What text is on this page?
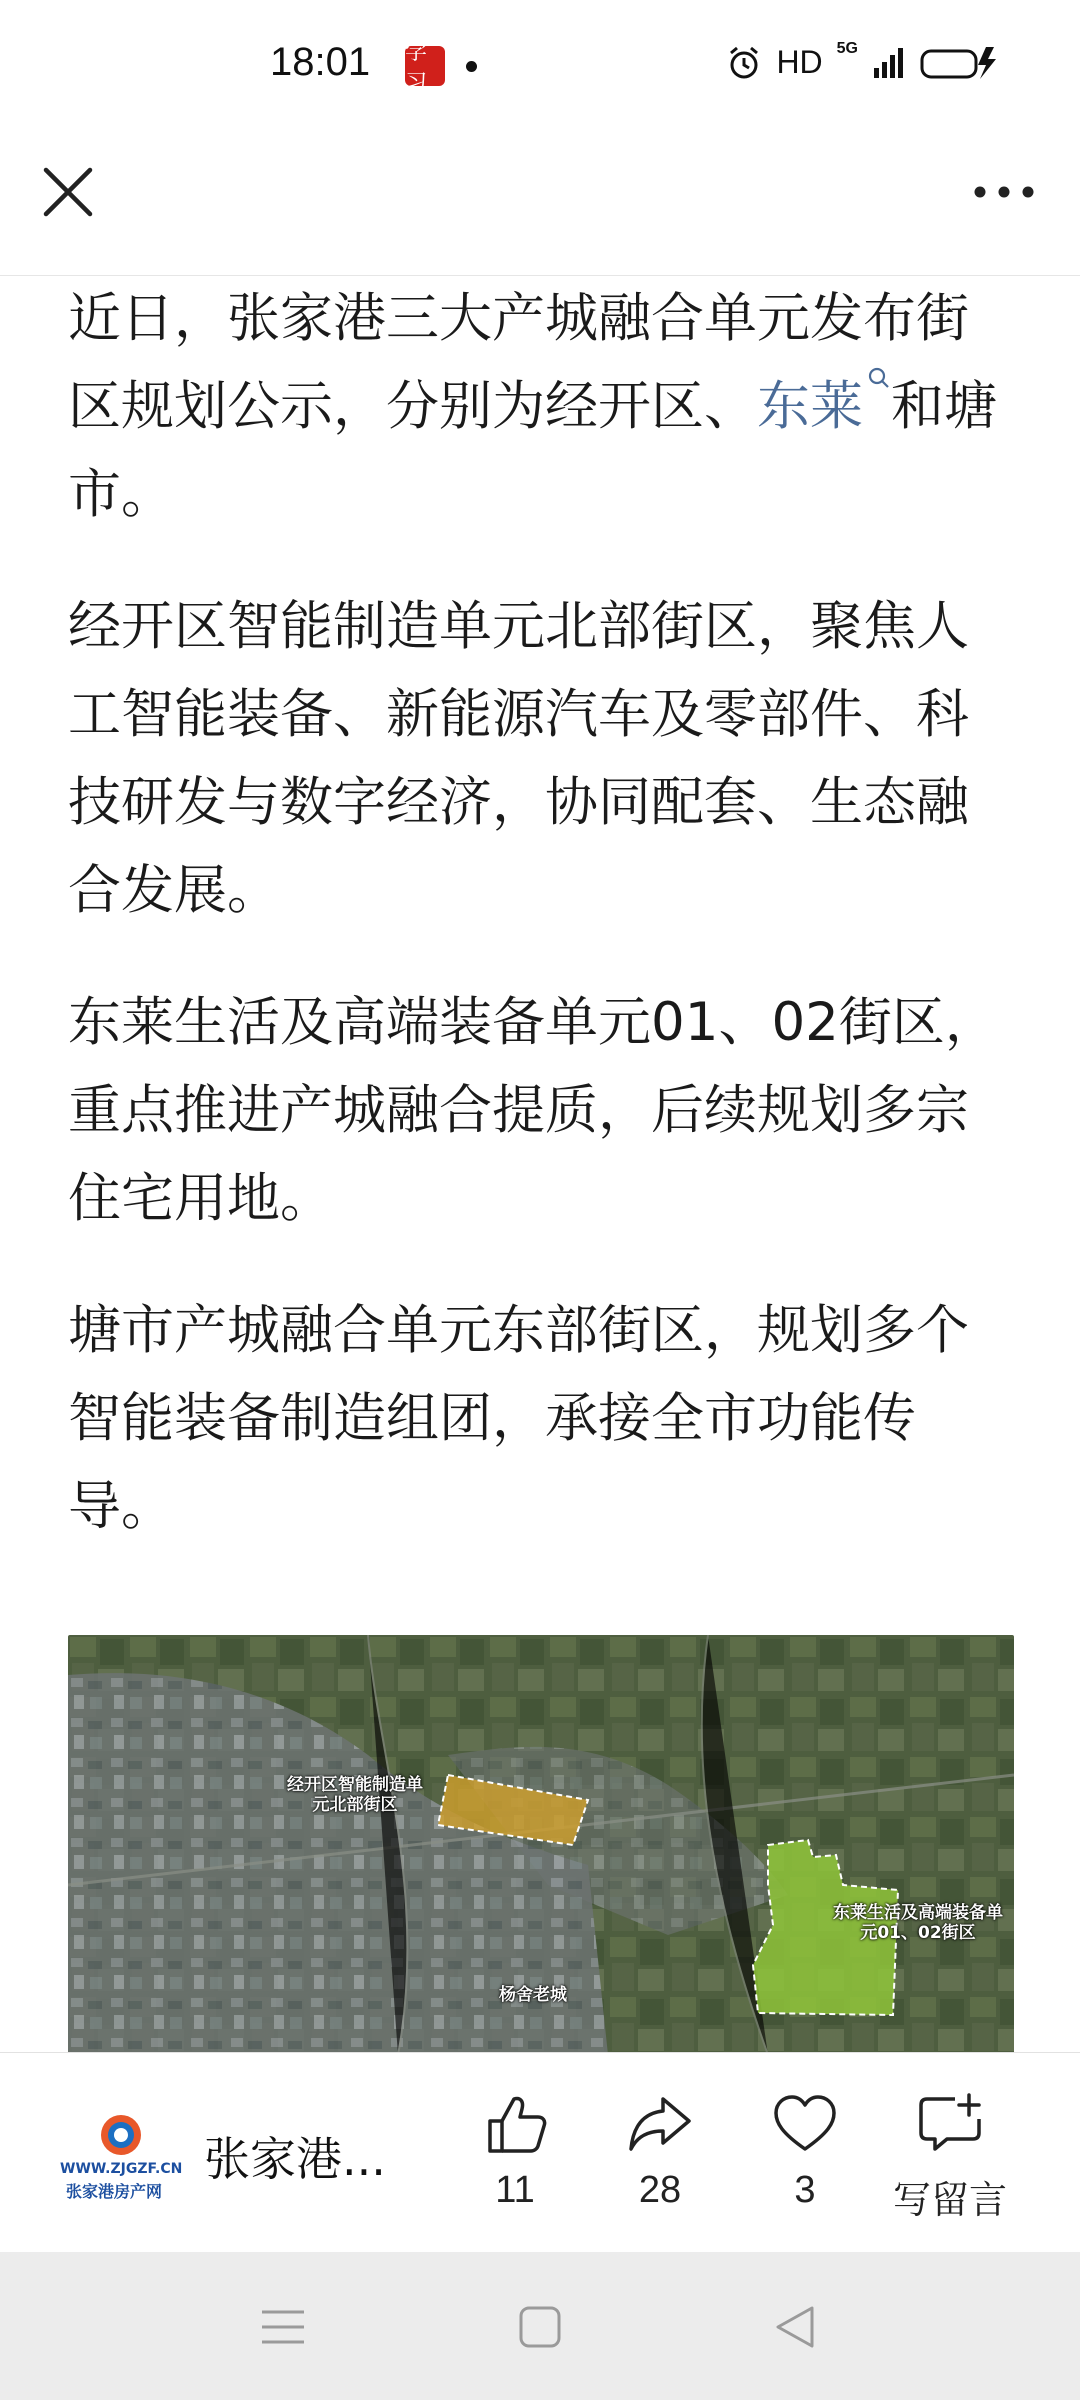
18:01 学习
HD 5G

近日，张家港三大产城融合单元发布街区规划公示，分别为经开区、东莱 和塘市。

经开区智能制造单元北部街区，聚焦人工智能装备、新能源汽车及零部件、科技研发与数字经济，协同配套、生态融合发展。

东莱生活及高端装备单元01、02街区，重点推进产城融合提质，后续规划多宗住宅用地。

塘市产城融合单元东部街区，规划多个智能装备制造组团，承接全市功能传导。

经开区智能制造单元北部街区
东莱生活及高端装备单元01、02街区
杨舍老城
WWW.ZJGZF.CN
张家港房产网
张家港...
11	28	3	写留言
